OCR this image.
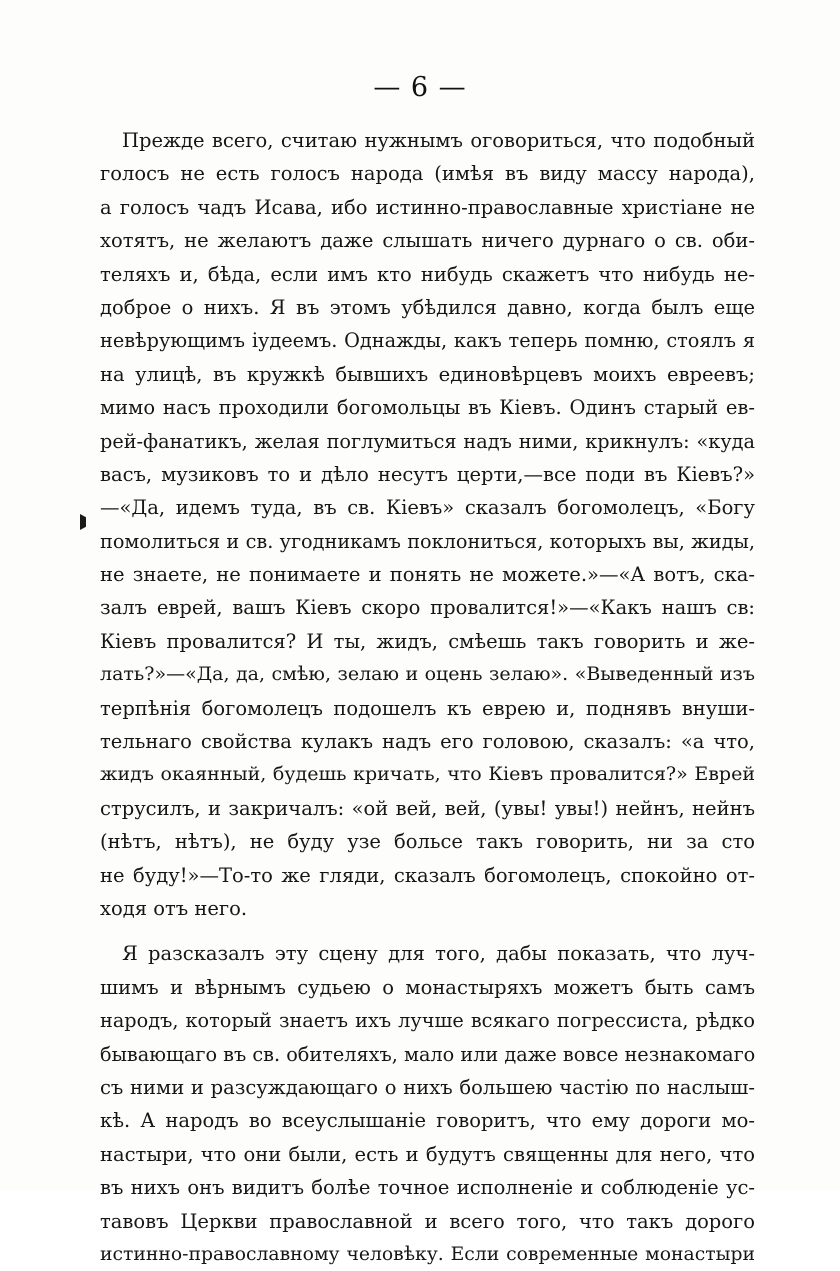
— 6 —
Прежде всего, считаю нужнымъ оговориться, что подобный
голосъ не есть голосъ народа (имѣя въ виду массу народа),
а голосъ чадъ Исава, ибо истинно-православные христiане не
хотятъ, не желаютъ даже слышать ничего дурнаго о св. оби-
теляхъ и, бѣда, если имъ кто нибудь скажетъ что нибудь не-
доброе о нихъ. Я въ этомъ убѣдился давно, когда былъ еще
невѣрующимъ iудеемъ. Однажды, какъ теперь помню, стоялъ я
на улицѣ, въ кружкѣ бывшихъ единовѣрцевъ моихъ евреевъ;
мимо насъ проходили богомольцы въ Кiевъ. Одинъ старый ев-
рей-фанатикъ, желая поглумиться надъ ними, крикнулъ: «куда
васъ, музиковъ то и дѣло несутъ церти,—все поди въ Кiевъ?»
—«Да, идемъ туда, въ св. Кiевъ» сказалъ богомолецъ, «Богу
помолиться и св. угодникамъ поклониться, которыхъ вы, жиды,
не знаете, не понимаете и понять не можете.»—«А вотъ, ска-
залъ еврей, вашъ Кiевъ скоро провалится!»—«Какъ нашъ св:
Кiевъ провалится? И ты, жидъ, смѣешь такъ говорить и же-
лать?»—«Да, да, смѣю, зелаю и оцень зелаю». «Выведенный изъ
терпѣнiя богомолецъ подошелъ къ еврею и, поднявъ внуши-
тельнаго свойства кулакъ надъ его головою, сказалъ: «а что,
жидъ окаянный, будешь кричать, что Кiевъ провалится?» Еврей
струсилъ, и закричалъ: «ой вей, вей, (увы! увы!) нейнъ, нейнъ
(нѣтъ, нѣтъ), не буду узе больсе такъ говорить, ни за сто
не буду!»—То-то же гляди, сказалъ богомолецъ, спокойно от-
ходя отъ него.
Я разсказалъ эту сцену для того, дабы показать, что луч-
шимъ и вѣрнымъ судьею о монастыряхъ можетъ быть самъ
народъ, который знаетъ ихъ лучше всякаго погрессиста, рѣдко
бывающаго въ св. обителяхъ, мало или даже вовсе незнакомаго
съ ними и разсуждающаго о нихъ большею частiю по наслыш-
кѣ. А народъ во всеуслышанiе говоритъ, что ему дороги мо-
настыри, что они были, есть и будутъ священны для него, что
въ нихъ онъ видитъ болѣе точное исполненiе и соблюденiе ус-
тавовъ Церкви православной и всего того, что такъ дорого
истинно-православному человѣку. Если современные монастыри
